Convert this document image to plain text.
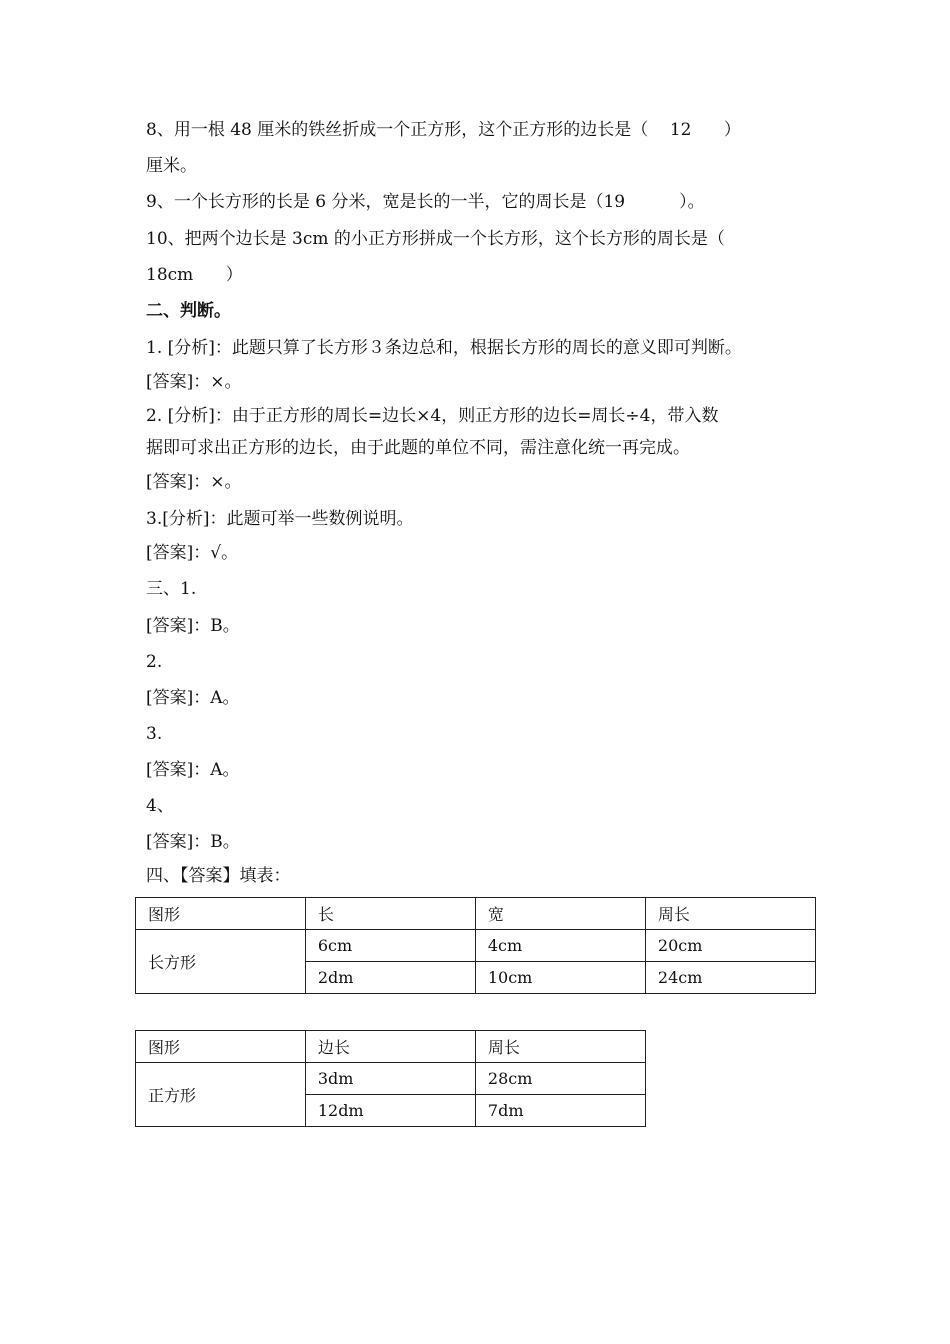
8、用一根 48 厘米的铁丝折成一个正方形，这个正方形的边长是（    12      ）
厘米。
9、一个长方形的长是 6 分米，宽是长的一半，它的周长是（19          ）。
10、把两个边长是 3cm 的小正方形拼成一个长方形，这个长方形的周长是（
18cm      ）
二、判断。
1. [分析]：此题只算了长方形３条边总和，根据长方形的周长的意义即可判断。
[答案]：×。
2. [分析]：由于正方形的周长=边长×4，则正方形的边长=周长÷4，带入数
据即可求出正方形的边长，由于此题的单位不同，需注意化统一再完成。
[答案]：×。
3.[分析]：此题可举一些数例说明。
[答案]：√。
三、1.
[答案]：B。
2.
[答案]：A。
3.
[答案]：A。
4、
[答案]：B。
四、【答案】填表：
图形	长	宽	周长
长方形	6cm	4cm	20cm
	2dm	10cm	24cm
图形	边长	周长
正方形	3dm	28cm
	12dm	7dm
